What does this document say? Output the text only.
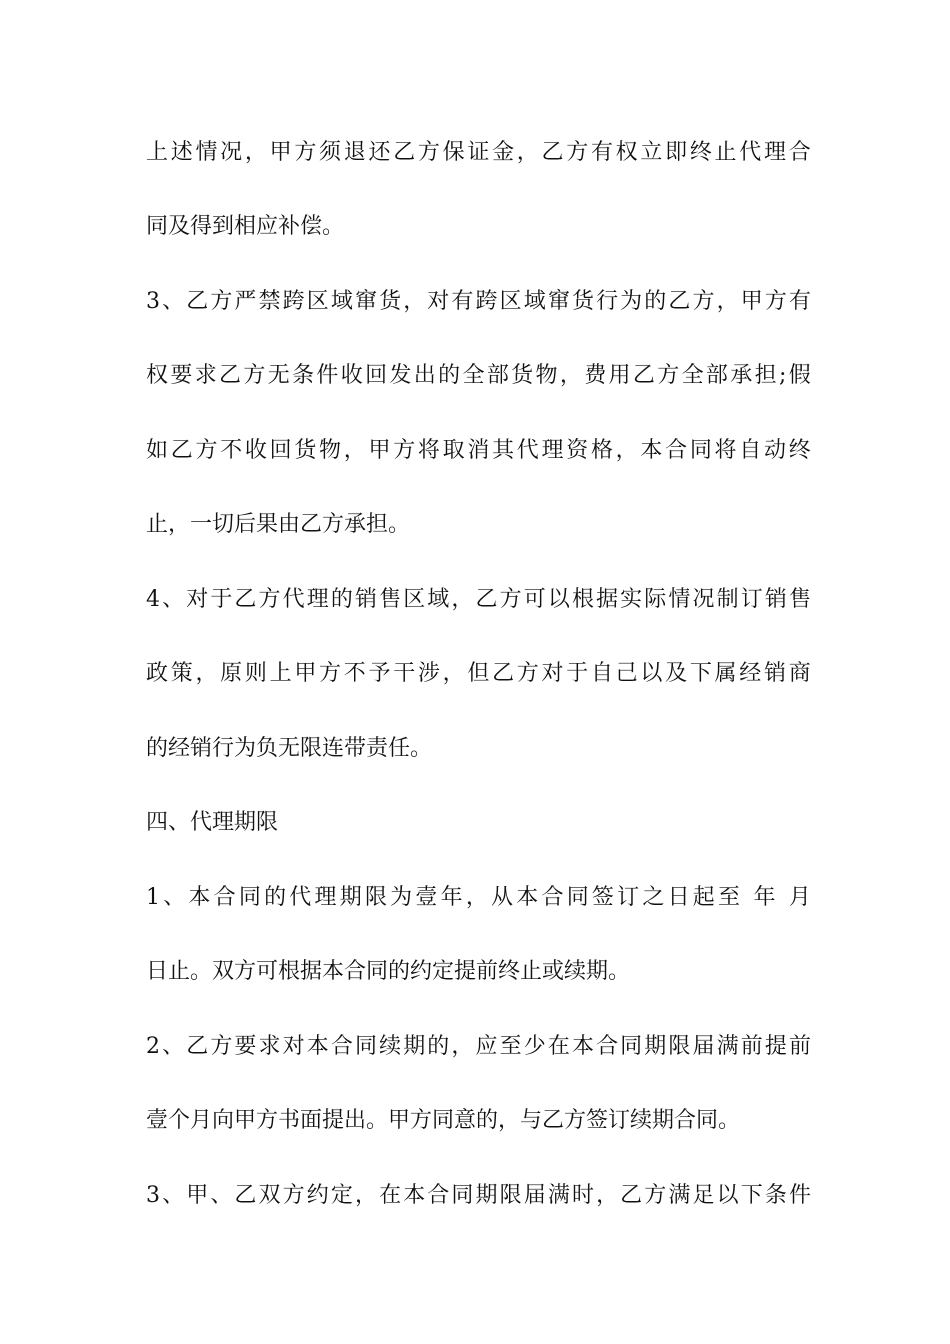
上 述 情 况 ， 甲 方 须 退 还 乙 方 保 证 金 ， 乙 方 有 权 立 即 终 止 代 理 合
同及得到相应补偿。
3 、 乙 方 严 禁 跨 区 域 窜 货 ， 对 有 跨 区 域 窜 货 行 为 的 乙 方 ， 甲 方 有
权 要 求 乙 方 无 条 件 收 回 发 出 的 全 部 货 物 ， 费 用 乙 方 全 部 承 担 ; 假
如 乙 方 不 收 回 货 物 ， 甲 方 将 取 消 其 代 理 资 格 ， 本 合 同 将 自 动 终
止，一切后果由乙方承担。
4 、 对 于 乙 方 代 理 的 销 售 区 域 ， 乙 方 可 以 根 据 实 际 情 况 制 订 销 售
政 策 ， 原 则 上 甲 方 不 予 干 涉 ， 但 乙 方 对 于 自 己 以 及 下 属 经 销 商
的经销行为负无限连带责任。
四、代理期限
1 、 本 合 同 的 代 理 期 限 为 壹 年 ， 从 本 合 同 签 订 之 日 起 至
年
月
日止。双方可根据本合同的约定提前终止或续期。
2 、 乙 方 要 求 对 本 合 同 续 期 的 ， 应 至 少 在 本 合 同 期 限 届 满 前 提 前
壹个月向甲方书面提出。甲方同意的，与乙方签订续期合同。
3 、 甲 、 乙 双 方 约 定 ， 在 本 合 同 期 限 届 满 时 ， 乙 方 满 足 以 下 条 件
